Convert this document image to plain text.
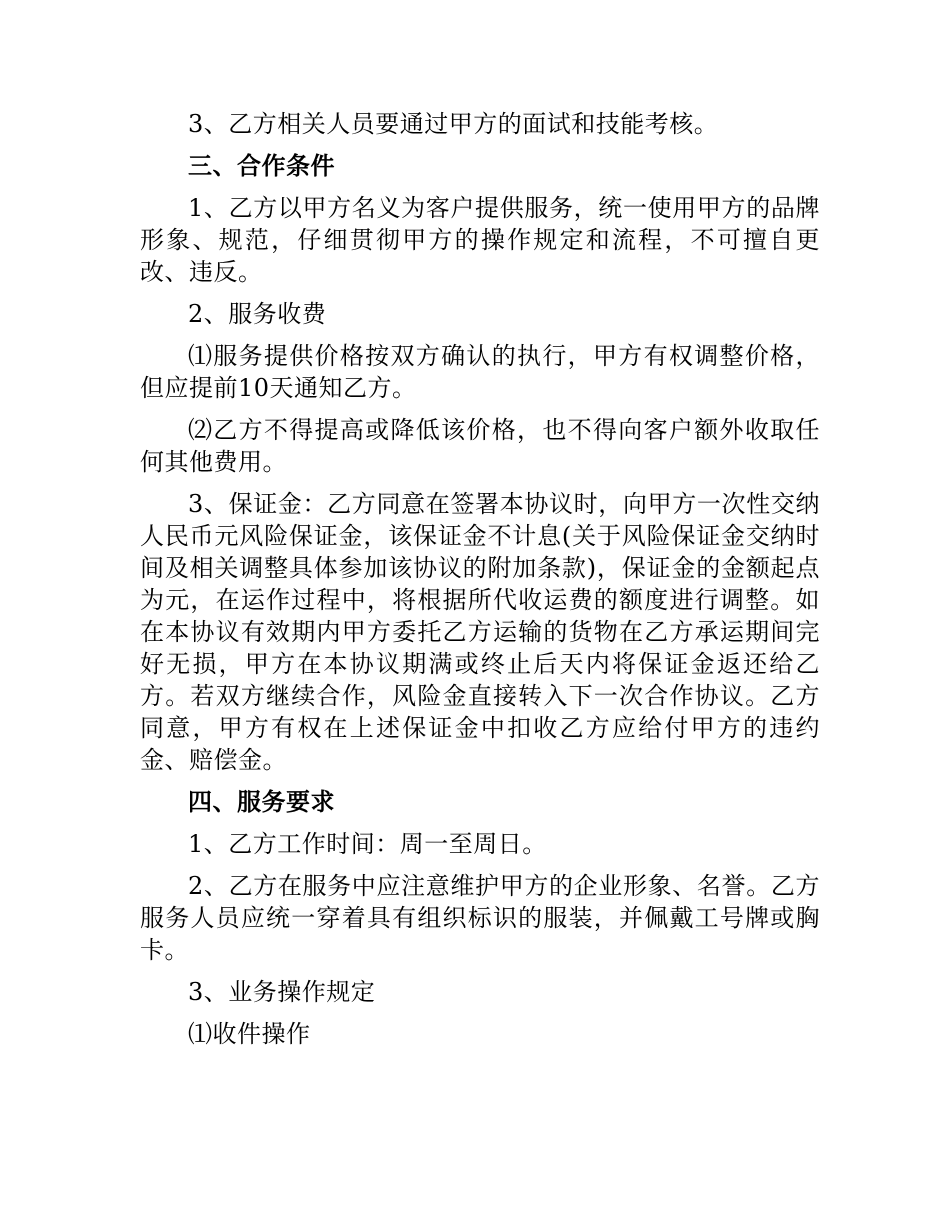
3、乙方相关人员要通过甲方的面试和技能考核。

三、合作条件

1、乙方以甲方名义为客户提供服务，统一使用甲方的品牌形象、规范，仔细贯彻甲方的操作规定和流程，不可擅自更改、违反。

2、服务收费

⑴服务提供价格按双方确认的执行，甲方有权调整价格，但应提前10天通知乙方。

⑵乙方不得提高或降低该价格，也不得向客户额外收取任何其他费用。

3、保证金：乙方同意在签署本协议时，向甲方一次性交纳人民币元风险保证金，该保证金不计息(关于风险保证金交纳时间及相关调整具体参加该协议的附加条款)，保证金的金额起点为元，在运作过程中，将根据所代收运费的额度进行调整。如在本协议有效期内甲方委托乙方运输的货物在乙方承运期间完好无损，甲方在本协议期满或终止后天内将保证金返还给乙方。若双方继续合作，风险金直接转入下一次合作协议。乙方同意，甲方有权在上述保证金中扣收乙方应给付甲方的违约金、赔偿金。

四、服务要求

1、乙方工作时间：周一至周日。

2、乙方在服务中应注意维护甲方的企业形象、名誉。乙方服务人员应统一穿着具有组织标识的服装，并佩戴工号牌或胸卡。

3、业务操作规定

⑴收件操作
